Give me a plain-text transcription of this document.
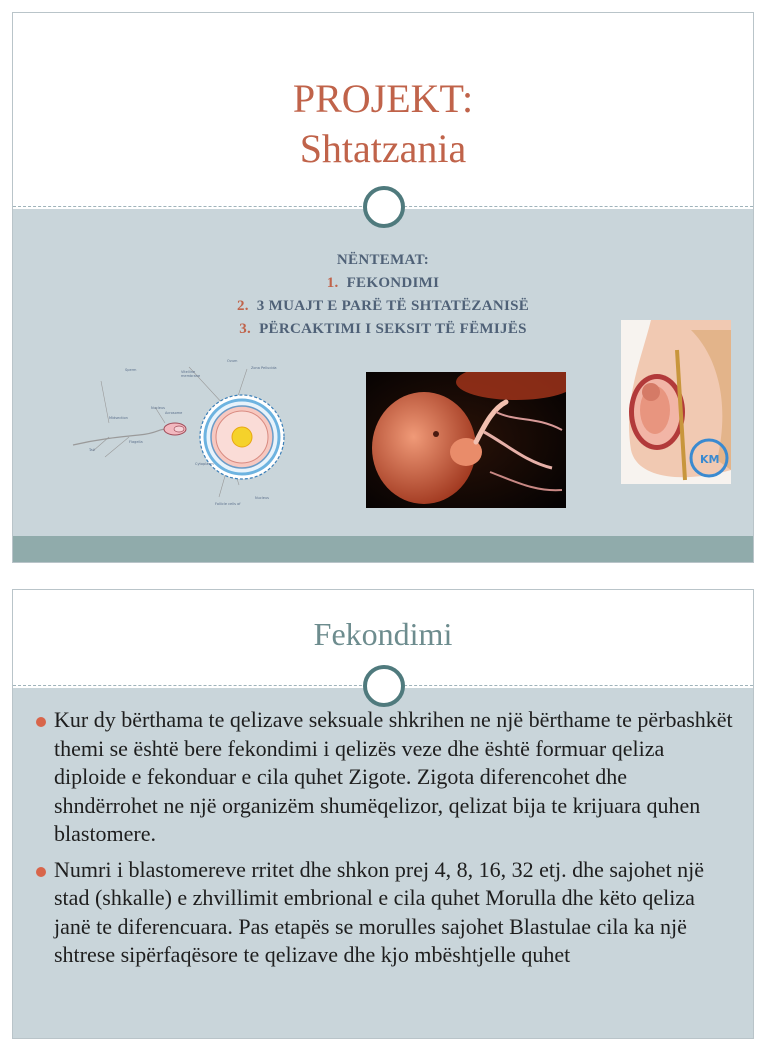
PROJEKT:
Shtatzania
NËNTEMAT:
1. FEKONDIMI
2. 3 MUAJT E PARË TË SHTATËZANISË
3. PËRCAKTIMI I SEKSIT TË FËMIJËS
Sperm
Ovum
Vitelline
membrane
Zona Pellucida
Nucleus
Acrosome
Midsection
Tail
Flagella
Cytoplasm
Nucleus
Follicle cells of
KM
Fekondimi
Kur dy bërthama te qelizave seksuale shkrihen ne një bërthame te përbashkët themi se është bere fekondimi i qelizës veze dhe është formuar qeliza diploide e fekonduar e cila quhet Zigote. Zigota diferencohet dhe shndërrohet ne një organizëm shumëqelizor, qelizat bija te krijuara quhen blastomere.
Numri i blastomereve rritet dhe shkon prej 4, 8, 16, 32 etj. dhe sajohet një stad (shkalle) e zhvillimit embrional e cila quhet Morulla dhe këto qeliza janë te diferencuara. Pas etapës se morulles sajohet Blastulae cila ka një shtrese sipërfaqësore te qelizave dhe kjo mbështjelle quhet
